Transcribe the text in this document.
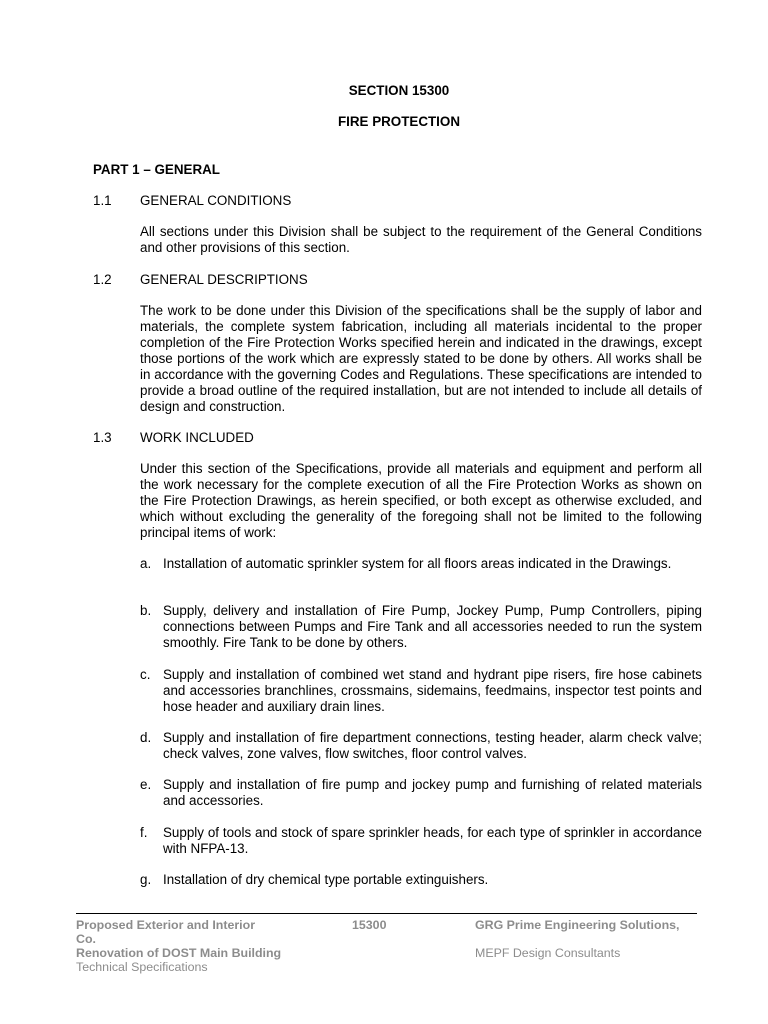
SECTION 15300
FIRE PROTECTION
PART 1 – GENERAL
1.1 GENERAL CONDITIONS

All sections under this Division shall be subject to the requirement of the General Conditions and other provisions of this section.

1.2 GENERAL DESCRIPTIONS

The work to be done under this Division of the specifications shall be the supply of labor and materials, the complete system fabrication, including all materials incidental to the proper completion of the Fire Protection Works specified herein and indicated in the drawings, except those portions of the work which are expressly stated to be done by others. All works shall be in accordance with the governing Codes and Regulations. These specifications are intended to provide a broad outline of the required installation, but are not intended to include all details of design and construction.

1.3 WORK INCLUDED

Under this section of the Specifications, provide all materials and equipment and perform all the work necessary for the complete execution of all the Fire Protection Works as shown on the Fire Protection Drawings, as herein specified, or both except as otherwise excluded, and which without excluding the generality of the foregoing shall not be limited to the following principal items of work:

a. Installation of automatic sprinkler system for all floors areas indicated in the Drawings.

b. Supply, delivery and installation of Fire Pump, Jockey Pump, Pump Controllers, piping connections between Pumps and Fire Tank and all accessories needed to run the system smoothly. Fire Tank to be done by others.

c. Supply and installation of combined wet stand and hydrant pipe risers, fire hose cabinets and accessories branchlines, crossmains, sidemains, feedmains, inspector test points and hose header and auxiliary drain lines.

d. Supply and installation of fire department connections, testing header, alarm check valve; check valves, zone valves, flow switches, floor control valves.

e. Supply and installation of fire pump and jockey pump and furnishing of related materials and accessories.

f. Supply of tools and stock of spare sprinkler heads, for each type of sprinkler in accordance with NFPA-13.

g. Installation of dry chemical type portable extinguishers.

Proposed Exterior and Interior
Co.
Renovation of DOST Main Building
Technical Specifications
15300	GRG Prime Engineering Solutions,
MEPF Design Consultants
